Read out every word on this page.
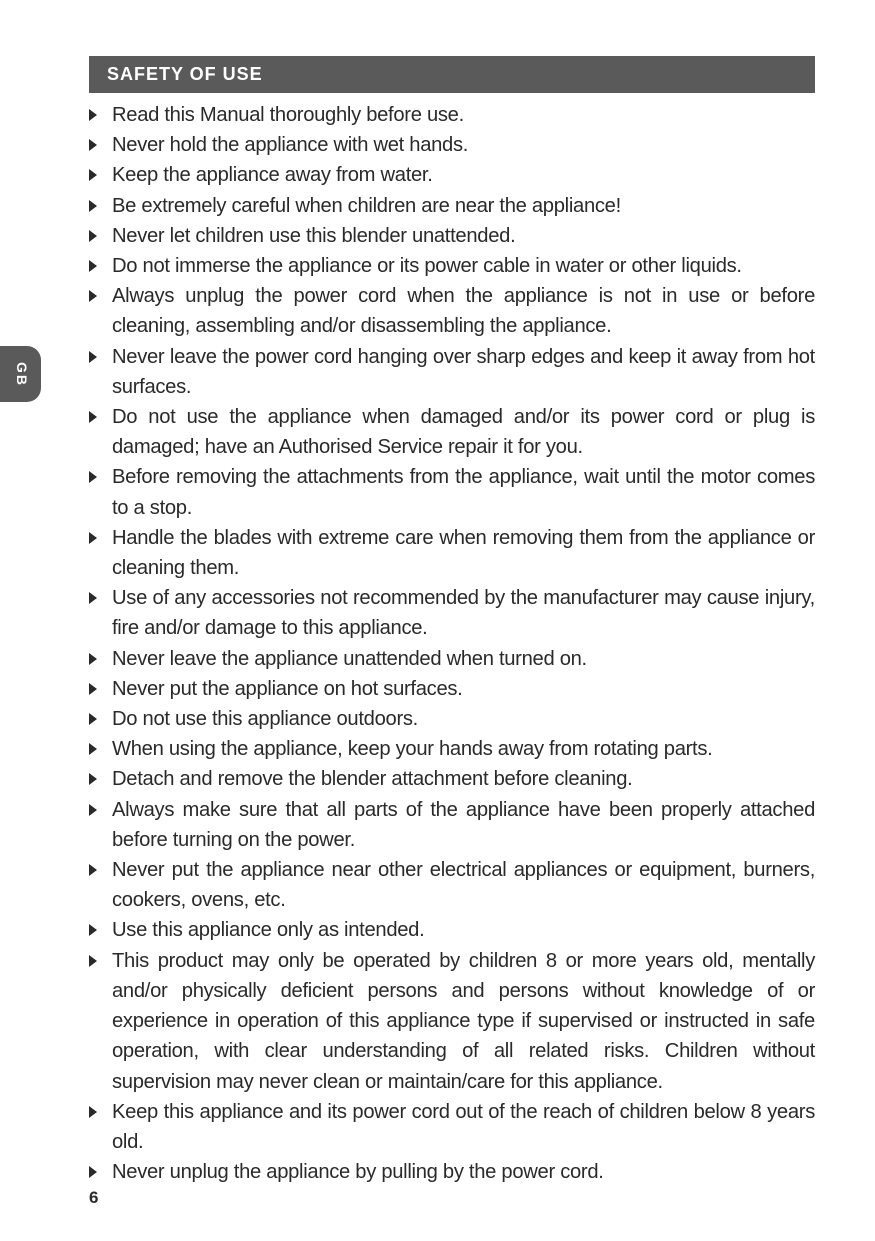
SAFETY OF USE
GB
Read this Manual thoroughly before use.
Never hold the appliance with wet hands.
Keep the appliance away from water.
Be extremely careful when children are near the appliance!
Never let children use this blender unattended.
Do not immerse the appliance or its power cable in water or other liquids.
Always unplug the power cord when the appliance is not in use or before cleaning, assembling and/or disassembling the appliance.
Never leave the power cord hanging over sharp edges and keep it away from hot surfaces.
Do not use the appliance when damaged and/or its power cord or plug is damaged; have an Authorised Service repair it for you.
Before removing the attachments from the appliance, wait until the motor comes to a stop.
Handle the blades with extreme care when removing them from the appliance or cleaning them.
Use of any accessories not recommended by the manufacturer may cause injury, fire and/or damage to this appliance.
Never leave the appliance unattended when turned on.
Never put the appliance on hot surfaces.
Do not use this appliance outdoors.
When using the appliance, keep your hands away from rotating parts.
Detach and remove the blender attachment before cleaning.
Always make sure that all parts of the appliance have been properly attached before turning on the power.
Never put the appliance near other electrical appliances or equipment, burners, cookers, ovens, etc.
Use this appliance only as intended.
This product may only be operated by children 8 or more years old, mentally and/or physically deficient persons and persons without knowledge of or experience in operation of this appliance type if supervised or instructed in safe operation, with clear understanding of all related risks. Children without supervision may never clean or maintain/care for this appliance.
Keep this appliance and its power cord out of the reach of children below 8 years old.
Never unplug the appliance by pulling by the power cord.
6
